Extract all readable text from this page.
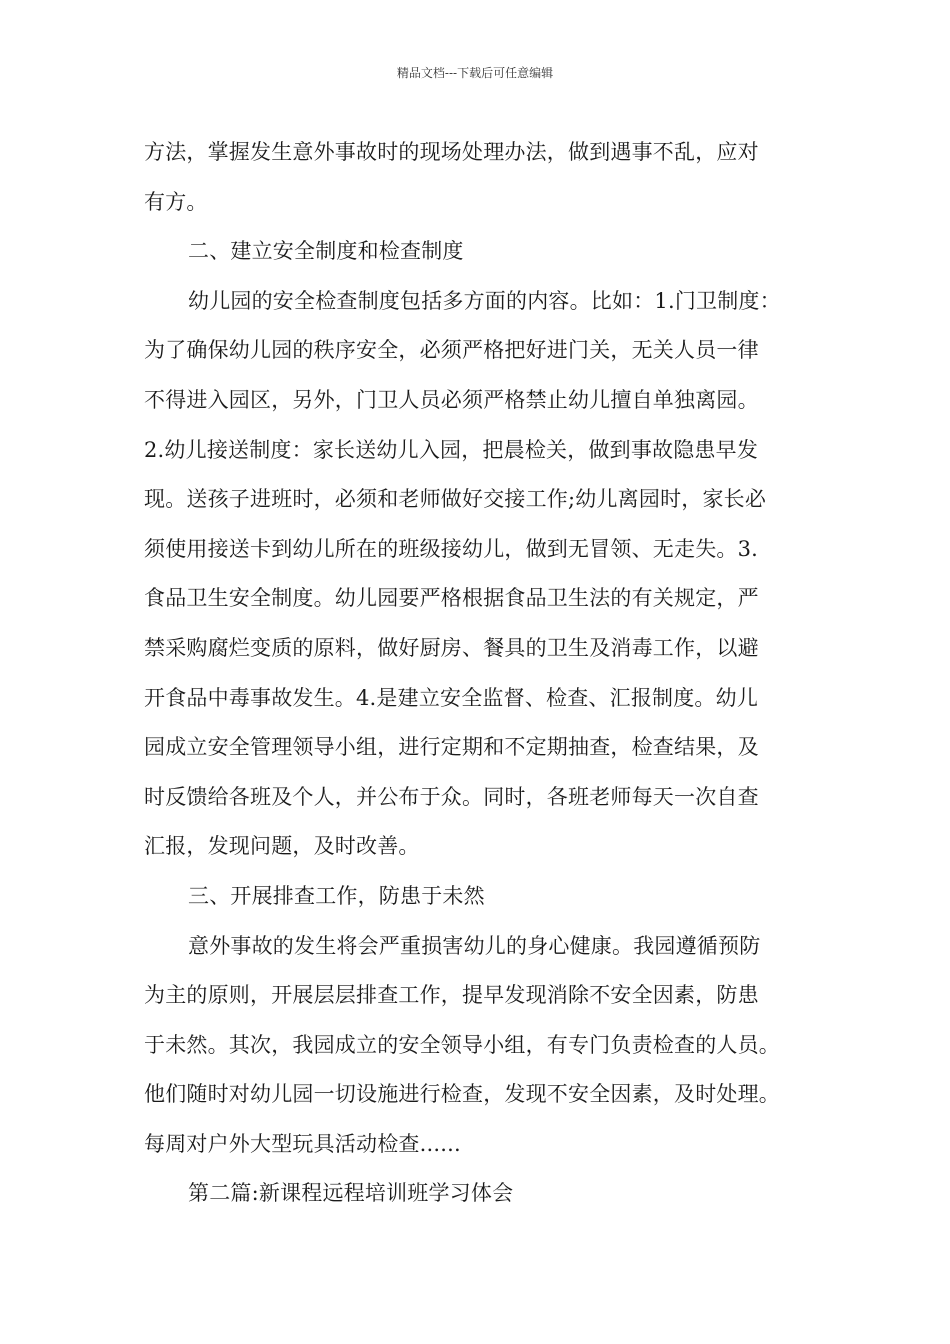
精品文档---下载后可任意编辑
方法，掌握发生意外事故时的现场处理办法，做到遇事不乱，应对
有方。
二、建立安全制度和检查制度
幼儿园的安全检查制度包括多方面的内容。比如：1.门卫制度：
为了确保幼儿园的秩序安全，必须严格把好进门关，无关人员一律
不得进入园区，另外，门卫人员必须严格禁止幼儿擅自单独离园。
2.幼儿接送制度：家长送幼儿入园，把晨检关，做到事故隐患早发
现。送孩子进班时，必须和老师做好交接工作;幼儿离园时，家长必
须使用接送卡到幼儿所在的班级接幼儿，做到无冒领、无走失。3.
食品卫生安全制度。幼儿园要严格根据食品卫生法的有关规定，严
禁采购腐烂变质的原料，做好厨房、餐具的卫生及消毒工作，以避
开食品中毒事故发生。4.是建立安全监督、检查、汇报制度。幼儿
园成立安全管理领导小组，进行定期和不定期抽查，检查结果，及
时反馈给各班及个人，并公布于众。同时，各班老师每天一次自查
汇报，发现问题，及时改善。
三、开展排查工作，防患于未然
意外事故的发生将会严重损害幼儿的身心健康。我园遵循预防
为主的原则，开展层层排查工作，提早发现消除不安全因素，防患
于未然。其次，我园成立的安全领导小组，有专门负责检查的人员。
他们随时对幼儿园一切设施进行检查，发现不安全因素，及时处理。
每周对户外大型玩具活动检查......
第二篇:新课程远程培训班学习体会
